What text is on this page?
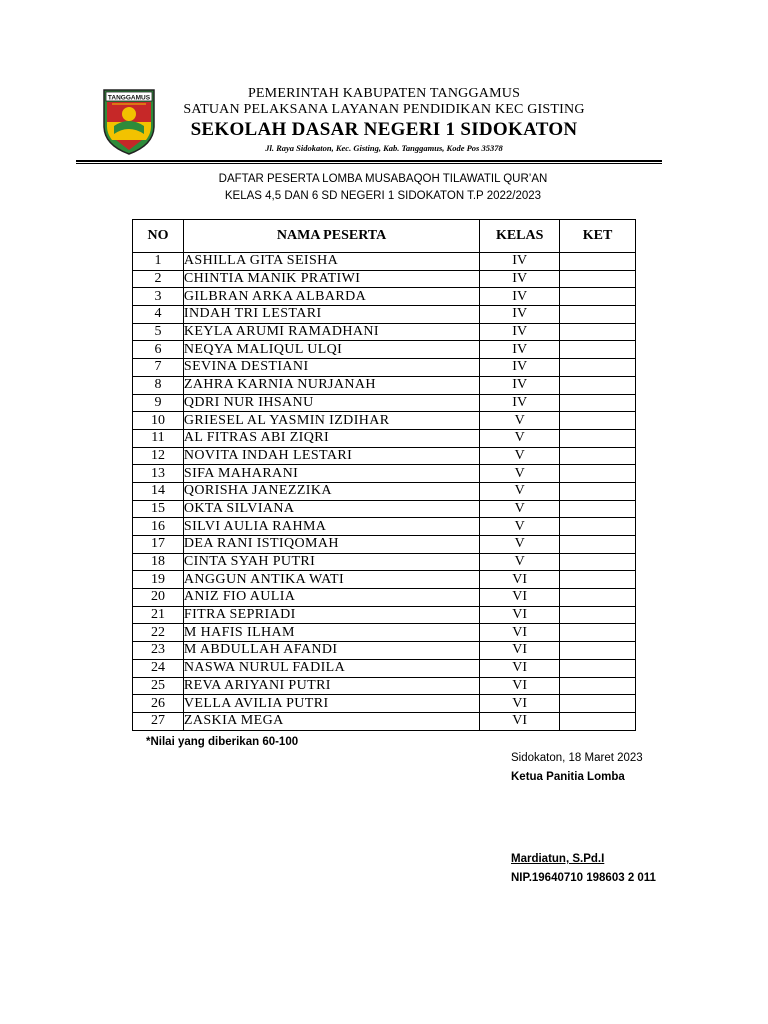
TANGGAMUS	PEMERINTAH KABUPATEN TANGGAMUS
SATUAN PELAKSANA LAYANAN PENDIDIKAN KEC GISTING
SEKOLAH DASAR NEGERI 1 SIDOKATON
Jl. Raya Sidokaton, Kec. Gisting, Kab. Tanggamus, Kode Pos 35378
DAFTAR PESERTA LOMBA MUSABAQOH TILAWATIL QUR’AN
KELAS 4,5 DAN 6 SD NEGERI 1 SIDOKATON T.P 2022/2023
NO	NAMA PESERTA	KELAS	KET
1	ASHILLA GITA SEISHA	IV	
2	CHINTIA MANIK PRATIWI	IV	
3	GILBRAN ARKA ALBARDA	IV	
4	INDAH TRI LESTARI	IV	
5	KEYLA ARUMI RAMADHANI	IV	
6	NEQYA MALIQUL ULQI	IV	
7	SEVINA DESTIANI	IV	
8	ZAHRA KARNIA NURJANAH	IV	
9	QDRI NUR IHSANU	IV	
10	GRIESEL AL YASMIN IZDIHAR	V	
11	AL FITRAS ABI ZIQRI	V	
12	NOVITA INDAH LESTARI	V	
13	SIFA MAHARANI	V	
14	QORISHA JANEZZIKA	V	
15	OKTA SILVIANA	V	
16	SILVI AULIA RAHMA	V	
17	DEA RANI ISTIQOMAH	V	
18	CINTA SYAH PUTRI	V	
19	ANGGUN ANTIKA WATI	VI	
20	ANIZ FIO AULIA	VI	
21	FITRA SEPRIADI	VI	
22	M HAFIS ILHAM	VI	
23	M ABDULLAH AFANDI	VI	
24	NASWA NURUL FADILA	VI	
25	REVA ARIYANI PUTRI	VI	
26	VELLA AVILIA PUTRI	VI	
27	ZASKIA MEGA	VI	
*Nilai yang diberikan 60-100
Sidokaton, 18 Maret 2023
Ketua Panitia Lomba
Mardiatun, S.Pd.I
NIP.19640710 198603 2 011
